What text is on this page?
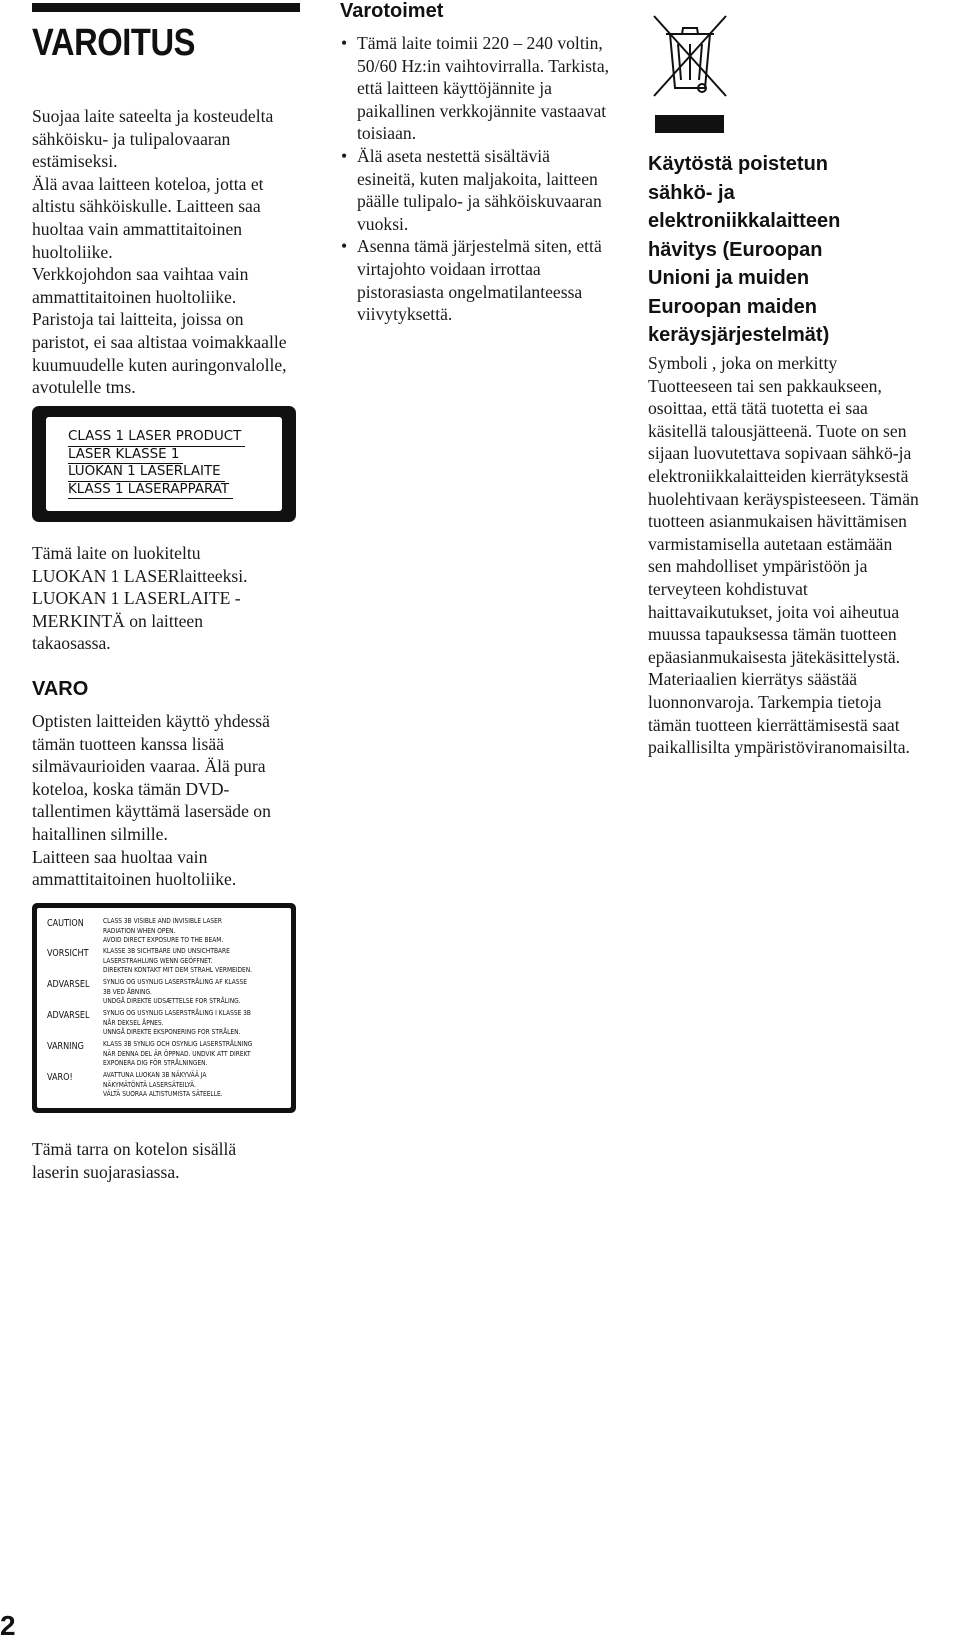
VAROITUS
Suojaa laite sateelta ja kosteudelta sähköisku- ja tulipalovaaran estämiseksi.
Älä avaa laitteen koteloa, jotta et altistu sähköiskulle. Laitteen saa huoltaa vain ammattitaitoinen huoltoliike.
Verkkojohdon saa vaihtaa vain ammattitaitoinen huoltoliike.
Paristoja tai laitteita, joissa on paristot, ei saa altistaa voimakkaalle kuumuudelle kuten auringonvalolle, avotulelle tms.
CLASS 1 LASER PRODUCT
LASER KLASSE 1
LUOKAN 1 LASERLAITE
KLASS 1 LASERAPPARAT
Tämä laite on luokiteltu LUOKAN 1 LASERlaitteeksi. LUOKAN 1 LASERLAITE -MERKINTÄ on laitteen takaosassa.
VARO
Optisten laitteiden käyttö yhdessä tämän tuotteen kanssa lisää silmävaurioiden vaaraa. Älä pura koteloa, koska tämän DVD-tallentimen käyttämä lasersäde on haitallinen silmille.
Laitteen saa huoltaa vain ammattitaitoinen huoltoliike.
CAUTION	CLASS 3B VISIBLE AND INVISIBLE LASER
RADIATION WHEN OPEN.
AVOID DIRECT EXPOSURE TO THE BEAM.
VORSICHT KLASSE 3B SICHTBARE UND UNSICHTBARE
LASERSTRAHLUNG WENN GEÖFFNET.
DIREKTEN KONTAKT MIT DEM STRAHL VERMEIDEN.
ADVARSEL SYNLIG OG USYNLIG LASERSTRÅLING AF KLASSE
3B VED ÅBNING.
UNDGÅ DIREKTE UDSÆTTELSE FOR STRÅLING.
ADVARSEL SYNLIG OG USYNLIG LASERSTRÅLING I KLASSE 3B
NÅR DEKSEL ÅPNES.
UNNGÅ DIREKTE EKSPONERING FOR STRÅLEN.
VARNING	KLASS 3B SYNLIG OCH OSYNLIG LASERSTRÅLNING
NÄR DENNA DEL ÄR ÖPPNAD. UNDVIK ATT DIREKT
EXPONERA DIG FÖR STRÅLNINGEN.
VARO!	AVATTUNA LUOKAN 3B NÄKYVÄÄ JA
NÄKYMÄTÖNTÄ LASERSÄTEILYÄ.
VÄLTÄ SUORAA ALTISTUMISTA SÄTEELLE.
Tämä tarra on kotelon sisällä laserin suojarasiassa.
Varotoimet
• Tämä laite toimii 220 – 240 voltin, 50/60 Hz:in vaihtovirralla. Tarkista, että laitteen käyttöjännite ja paikallinen verkkojännite vastaavat toisiaan.
• Älä aseta nestettä sisältäviä esineitä, kuten maljakoita, laitteen päälle tulipalo- ja sähköiskuvaaran vuoksi.
• Asenna tämä järjestelmä siten, että virtajohto voidaan irrottaa pistorasiasta ongelmatilanteessa viivytyksettä.
Käytöstä poistetun sähkö- ja elektroniikkalaitteen hävitys (Euroopan Unioni ja muiden Euroopan maiden keräysjärjestelmät)
Symboli , joka on merkitty Tuotteeseen tai sen pakkaukseen, osoittaa, että tätä tuotetta ei saa käsitellä talousjätteenä. Tuote on sen sijaan luovutettava sopivaan sähkö-ja elektroniikkalaitteiden kierrätyksestä huolehtivaan keräyspisteeseen. Tämän tuotteen asianmukaisen hävittämisen varmistamisella autetaan estämään sen mahdolliset ympäristöön ja terveyteen kohdistuvat haittavaikutukset, joita voi aiheutua muussa tapauksessa tämän tuotteen epäasianmukaisesta jätekäsittelystä. Materiaalien kierrätys säästää luonnonvaroja. Tarkempia tietoja tämän tuotteen kierrättämisestä saat paikallisilta ympäristöviranomaisilta.
2
